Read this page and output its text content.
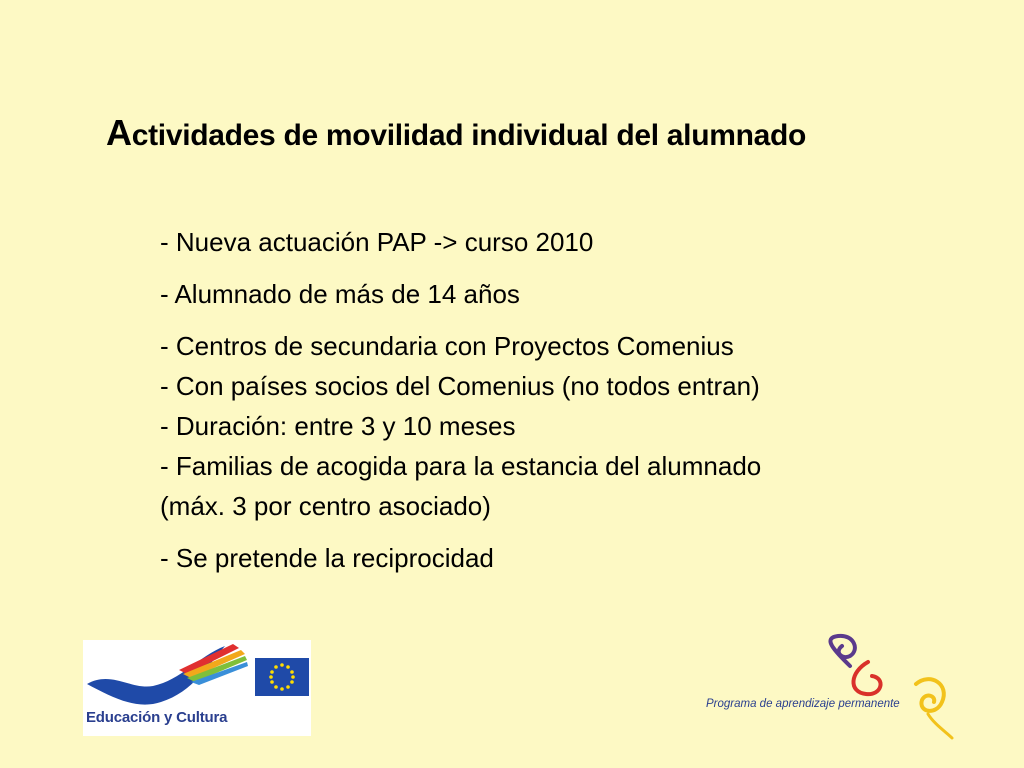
Actividades de movilidad individual del alumnado
- Nueva actuación PAP -> curso 2010
- Alumnado de más de 14 años
- Centros de secundaria con Proyectos Comenius
- Con países socios del Comenius (no todos entran)
- Duración: entre 3 y 10 meses
- Familias de acogida para la estancia del alumnado
(máx. 3 por centro asociado)
- Se pretende la reciprocidad
Educación y Cultura
Programa de aprendizaje permanente
